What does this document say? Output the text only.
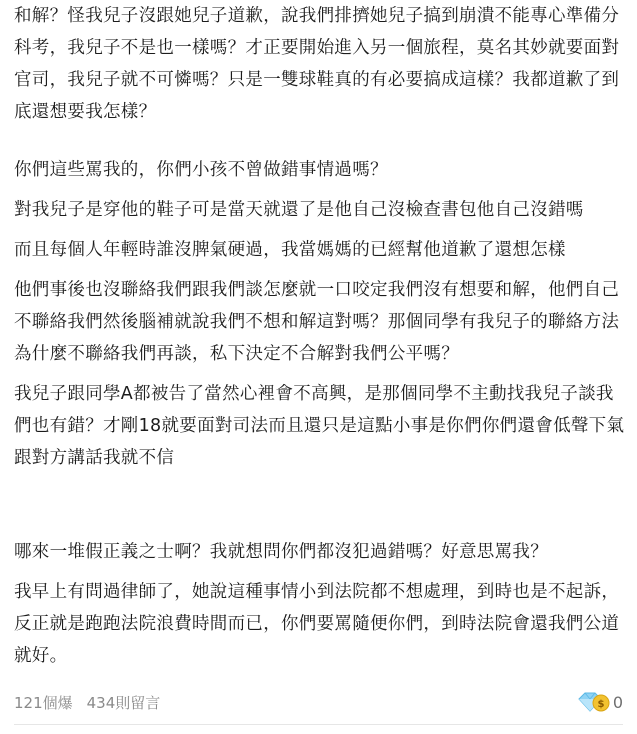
和解？怪我兒子沒跟她兒子道歉，說我們排擠她兒子搞到崩潰不能專心準備分科考，我兒子不是也一樣嗎？才正要開始進入另一個旅程，莫名其妙就要面對官司，我兒子就不可憐嗎？只是一雙球鞋真的有必要搞成這樣？我都道歉了到底還想要我怎樣？

你們這些罵我的，你們小孩不曾做錯事情過嗎？

對我兒子是穿他的鞋子可是當天就還了是他自己沒檢查書包他自己沒錯嗎

而且每個人年輕時誰沒脾氣硬過，我當媽媽的已經幫他道歉了還想怎樣

他們事後也沒聯絡我們跟我們談怎麼就一口咬定我們沒有想要和解，他們自己不聯絡我們然後腦補就說我們不想和解這對嗎？那個同學有我兒子的聯絡方法為什麼不聯絡我們再談，私下決定不合解對我們公平嗎？

我兒子跟同學A都被告了當然心裡會不高興，是那個同學不主動找我兒子談我們也有錯？才剛18就要面對司法而且還只是這點小事是你們你們還會低聲下氣跟對方講話我就不信

哪來一堆假正義之士啊？我就想問你們都沒犯過錯嗎？好意思罵我？

我早上有問過律師了，她說這種事情小到法院都不想處理，到時也是不起訴，反正就是跑跑法院浪費時間而已，你們要罵隨便你們，到時法院會還我們公道就好。

121個爆 434則留言	$ 0
